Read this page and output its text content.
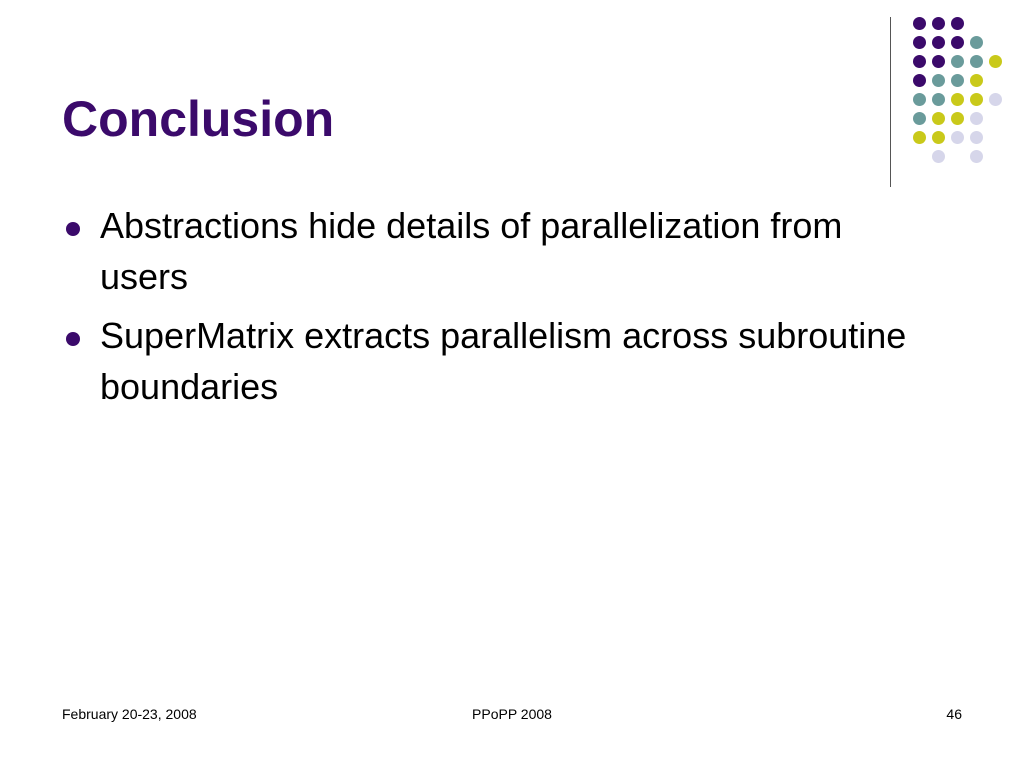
Conclusion
Abstractions hide details of parallelization from users
SuperMatrix extracts parallelism across subroutine boundaries
February 20-23, 2008	PPoPP 2008	46
